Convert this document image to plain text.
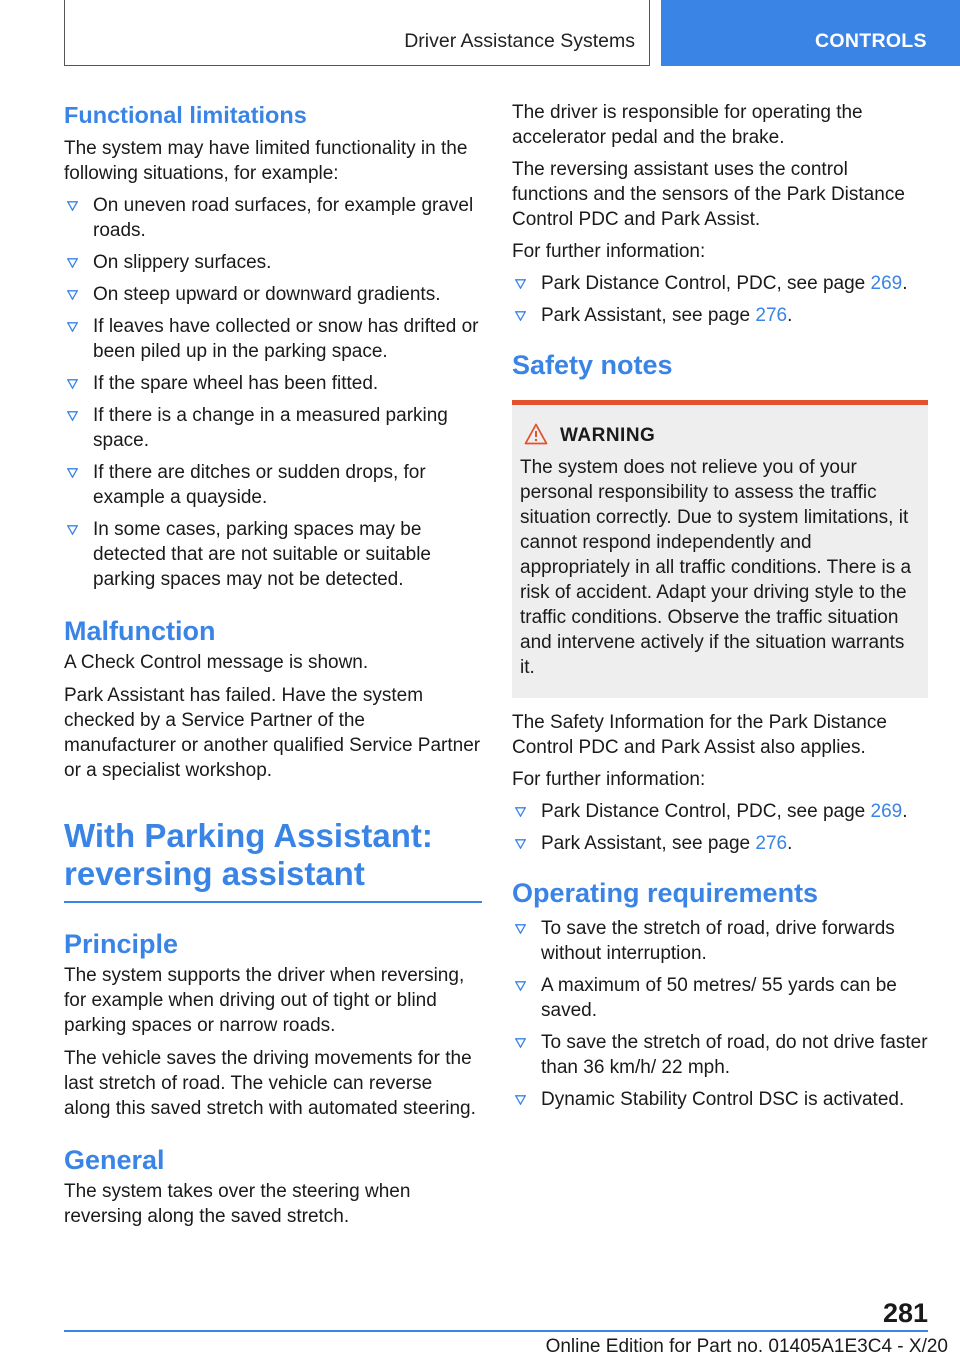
Driver Assistance Systems	CONTROLS
Functional limitations

The system may have limited functionality in the following situations, for example:

On uneven road surfaces, for example gravel roads.
On slippery surfaces.
On steep upward or downward gradients.
If leaves have collected or snow has drifted or been piled up in the parking space.
If the spare wheel has been fitted.
If there is a change in a measured parking space.
If there are ditches or sudden drops, for example a quayside.
In some cases, parking spaces may be detected that are not suitable or suitable parking spaces may not be detected.
Malfunction

A Check Control message is shown.

Park Assistant has failed. Have the system checked by a Service Partner of the manufacturer or another qualified Service Partner or a specialist workshop.

With Parking Assistant:
reversing assistant
Principle

The system supports the driver when reversing, for example when driving out of tight or blind parking spaces or narrow roads.

The vehicle saves the driving movements for the last stretch of road. The vehicle can reverse along this saved stretch with automated steering.

General

The system takes over the steering when reversing along the saved stretch.

The driver is responsible for operating the accelerator pedal and the brake.

The reversing assistant uses the control functions and the sensors of the Park Distance Control PDC and Park Assist.

For further information:

Park Distance Control, PDC, see page 269.
Park Assistant, see page 276.
Safety notes
WARNING

The system does not relieve you of your personal responsibility to assess the traffic situation correctly. Due to system limitations, it cannot respond independently and appropriately in all traffic conditions. There is a risk of accident. Adapt your driving style to the traffic conditions. Observe the traffic situation and intervene actively if the situation warrants it.

The Safety Information for the Park Distance Control PDC and Park Assist also applies.

For further information:

Park Distance Control, PDC, see page 269.
Park Assistant, see page 276.
Operating requirements
To save the stretch of road, drive forwards without interruption.
A maximum of 50 metres/ 55 yards can be saved.
To save the stretch of road, do not drive faster than 36 km/h/ 22 mph.
Dynamic Stability Control DSC is activated.
281
Online Edition for Part no. 01405A1E3C4 - X/20
